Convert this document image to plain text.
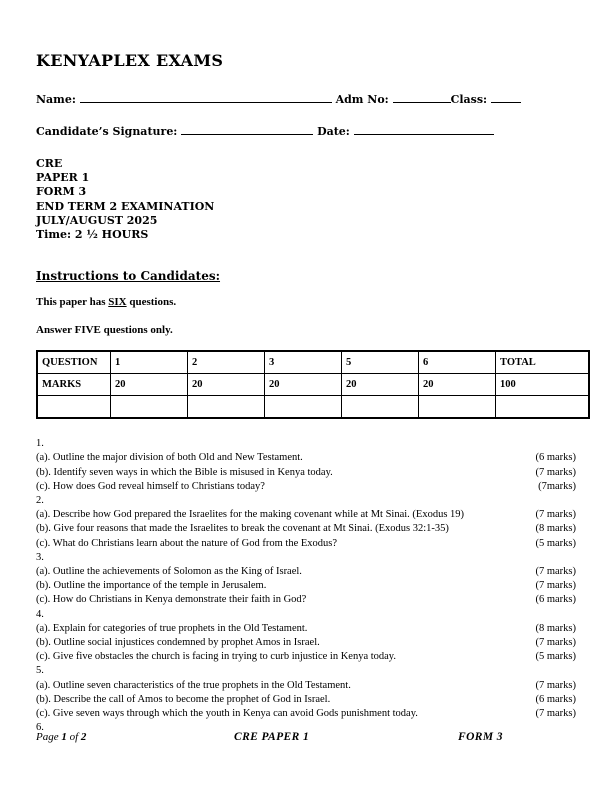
KENYAPLEX EXAMS
Name:	Adm No:	Class:
Candidate’s Signature:	Date:
CRE
PAPER 1
FORM 3
END TERM 2 EXAMINATION
JULY/AUGUST 2025
Time: 2 ½ HOURS
Instructions to Candidates:
This paper has SIX questions.
Answer FIVE questions only.
QUESTION	1	2	3	5	6	TOTAL
MARKS	20	20	20	20	20	100

1.
(a). Outline the major division of both Old and New Testament.	(6 marks)
(b). Identify seven ways in which the Bible is misused in Kenya today.	(7 marks)
(c). How does God reveal himself to Christians today?	(7marks)
2.
(a). Describe how God prepared the Israelites for the making covenant while at Mt Sinai. (Exodus 19)	(7 marks)
(b). Give four reasons that made the Israelites to break the covenant at Mt Sinai. (Exodus 32:1-35)	(8 marks)
(c). What do Christians learn about the nature of God from the Exodus?	(5 marks)
3.
(a). Outline the achievements of Solomon as the King of Israel.	(7 marks)
(b). Outline the importance of the temple in Jerusalem.	(7 marks)
(c). How do Christians in Kenya demonstrate their faith in God?	(6 marks)
4.
(a). Explain for categories of true prophets in the Old Testament.	(8 marks)
(b). Outline social injustices condemned by prophet Amos in Israel.	(7 marks)
(c). Give five obstacles the church is facing in trying to curb injustice in Kenya today.	(5 marks)
5.
(a). Outline seven characteristics of the true prophets in the Old Testament.	(7 marks)
(b). Describe the call of Amos to become the prophet of God in Israel.	(6 marks)
(c). Give seven ways through which the youth in Kenya can avoid Gods punishment today.	(7 marks)
6.
Page 1 of 2	CRE PAPER 1	FORM 3
